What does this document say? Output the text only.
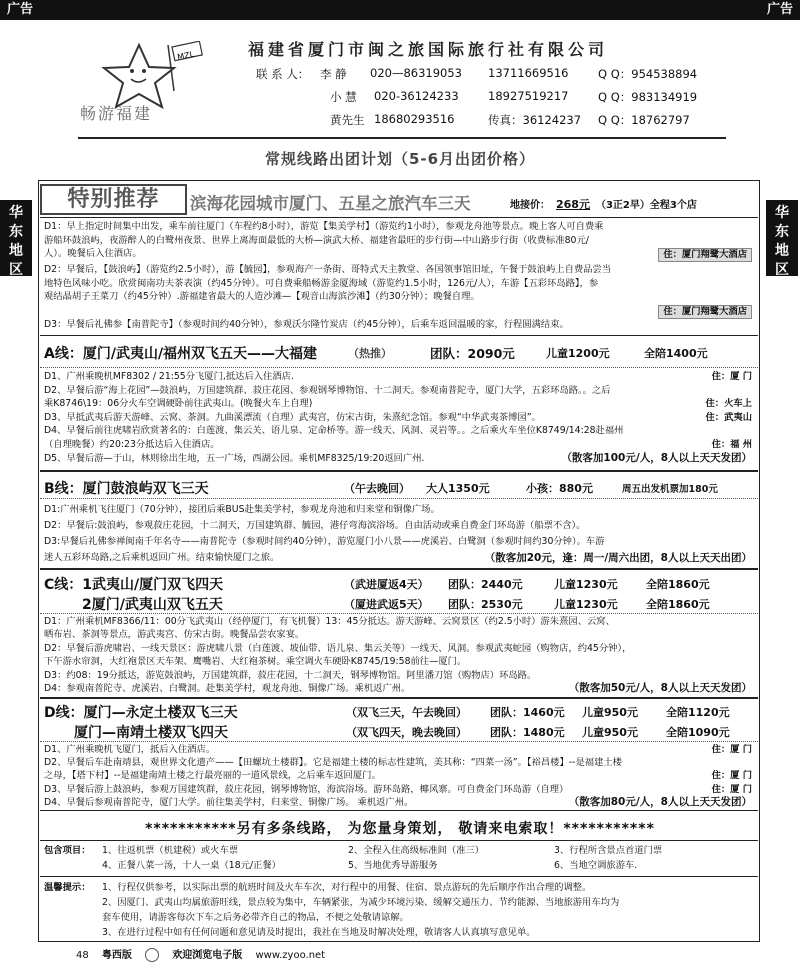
广告	广告
华
东
地
区
华
东
地
区
MZL
畅游福建
福建省厦门市闽之旅国际旅行社有限公司
联 系 人： 李 静 020—86319053 13711669516	Q Q：954538894
小 慧 020-36124233	18927519217	Q Q：983134919
黄先生 18680293516	传真：36124237 Q Q：18762797
常规线路出团计划（5-6月出团价格）
特别推荐	滨海花园城市厦门、五星之旅汽车三天	地接价： 268元 （3正2早）全程3个店
D1：早上指定时间集中出发，乘车前往厦门（车程约8小时），游览【集美学村】（游览约1小时），参观龙舟池等景点。晚上客人可自费乘
游船环鼓浪屿，夜游醉人的白鹭州夜景、世界上离海面最低的大桥—演武大桥、福建省最旺的步行街—中山路步行街（收费标准80元/
人）。晚餐后入住酒店。	住：厦门翔鹭大酒店
D2：早餐后，【鼓浪屿】（游览约2.5小时），游【毓园】，参观海产一条街、哥特式天主教堂、各国领事馆旧址，午餐于鼓浪屿上自费品尝当
地特色风味小吃。欣赏闽南功夫茶表演（约45分钟）。可自费乘船畅游金厦海域（游览约1.5小时，126元/人），车游【五彩环岛路】，参
观结晶胡子王菜刀（约45分钟）.游福建省最大的人造沙滩—【观音山海滨沙滩】（约30分钟）；晚餐自理。
住：厦门翔鹭大酒店
D3：早餐后礼佛参【南普陀寺】（参观时间约40分钟），参观沃尔隆竹炭店（约45分钟），后乘车返回温暖的家，行程圆满结束。
A线：厦门/武夷山/福州双飞五天——大福建	（热推）	团队：2090元	儿童1200元	全陪1400元
D1、广州乘晚机MF8302 / 21:55分飞厦门,抵达后入住酒店.	住：厦 门
D2、早餐后游“海上花园”—鼓浪屿，万国建筑群、菽庄花园、参观钢琴博物馆、十二洞天。参观南普陀寺，厦门大学，五彩环岛路。。之后
乘K8746\19：06分火车空调硬卧前往武夷山。(晚餐火车上自理)	住：火车上
D3、早抵武夷后游天游峰、云窝、茶洞。九曲溪漂流（自理）武夷宫，仿宋古街，朱熹纪念馆。参观“中华武夷茶博园”。	住：武夷山
D4、早餐后前往虎啸岩欣赏著名的：白莲渡、集云关、语儿泉、定命桥等。游一线天、风洞、灵岩等。。之后乘火车坐位K8749/14:28赴福州
（自理晚餐）约20:23分抵达后入住酒店。	住：福 州
D5、早餐后游—于山，林则徐出生地，五一广场，西湖公园。乘机MF8325/19:20返回广州.	（散客加100元/人，8人以上天天发团）
B线：厦门鼓浪屿双飞三天	（午去晚回） 大人1350元	小孩：880元	周五出发机票加180元
D1:广州乘机飞往厦门（70分钟），接团后乘BUS赴集美学村，参观龙舟池和归来堂和铜像广场。
D2：早餐后:鼓浪屿，参观菽庄花园，十二洞天，万国建筑群、毓园，港仔弯海滨浴场。自由活动或乘自费金门环岛游（船票不含）。
D3:早餐后礼佛参禅闽南千年名寺——南普陀寺（参观时间约40分钟），游览厦门小八景——虎溪岩、白鹭洞（参观时间约30分钟）。车游
迷人五彩环岛路,之后乘机返回广州。结束愉快厦门之旅。	（散客加20元，逢：周一/周六出团，8人以上天天出团）
C线：1武夷山/厦门双飞四天	（武进厦返4天） 团队：2440元	儿童1230元	全陪1860元
2厦门/武夷山双飞五天	（厦进武返5天） 团队：2530元	儿童1230元	全陪1860元
D1：广州乘机MF8366/11：00分飞武夷山（经停厦门，有飞机餐）13：45分抵达。游天游峰、云窝景区（约2.5小时）游朱熹园、云窝、
晒布岩、茶洞等景点，游武夷宫、仿宋古街。晚餐品尝农家宴。
D2：早餐后游虎啸岩、一线天景区：游虎啸八景（白莲渡、坡仙带、语儿泉、集云关等）一线天、风洞。参观武夷蛇园（购物店，约45分钟），
下午游水帘洞，大红袍景区天车架、鹰嘴岩、大红袍茶树。乘空调火车硬卧K8745/19:58前往—厦门。
D3：约08：19分抵达，游览鼓浪屿，万国建筑群，菽庄花园，十二洞天，钢琴博物馆。阿里潘刀馆（购物店）环岛路。
D4：参观南普陀寺、虎溪岩、白鹭洞。赴集美学村，观龙舟池、铜像广场。乘机返广州。	（散客加50元/人，8人以上天天发团）
D线：厦门—永定土楼双飞三天	（双飞三天，午去晚回） 团队：1460元 儿童950元	全陪1120元
厦门—南靖土楼双飞四天	（双飞四天，晚去晚回） 团队：1480元 儿童950元	全陪1090元
D1、广州乘晚机飞厦门，抵后入住酒店。	住：厦 门
D2、早餐后车赴南靖县，观世界文化遗产——【田螺坑土楼群】。它是福建土楼的标志性建筑，美其称：“四菜一汤”。【裕昌楼】--是福建土楼
之母，【塔下村】--是福建南靖土楼之行最亮丽的一道风景线，之后乘车返回厦门。	住：厦 门
D3、早餐后游上鼓浪屿，参观万国建筑群，菽庄花园，钢琴博物馆，海滨浴场。游环岛路，椰风寨。可自费金门环岛游（自理）	住：厦 门
D4、早餐后参观南普陀寺，厦门大学。前往集美学村，归来堂、铜像广场。 乘机返广州。	（散客加80元/人，8人以上天天发团）
***********另有多条线路， 为您量身策划， 敬请来电索取！***********
包含项目： 1、往返机票（机建税）或火车票	2、全程入住高级标准间（准三）	3、行程所含景点首道门票
4、正餐八菜一汤，十人一桌（18元/正餐）	5、当地优秀导游服务	6、当地空调旅游车.
温馨提示： 1、行程仅供参考，以实际出票的航班时间及火车车次，对行程中的用餐、住宿、景点游玩的先后顺序作出合理的调整。
2、因厦门、武夷山均属旅游旺线，景点较为集中，车辆紧张，为减少环境污染、缓解交通压力、节约能源、当地旅游用车均为
套车使用，请游客每次下车之后务必带齐自己的物品，不便之处敬请谅解。
3、在进行过程中如有任何问题和意见请及时提出，我社在当地及时解决处理，敬请客人认真填写意见单。
48 粤西版	欢迎浏览电子版 www.zyoo.net
